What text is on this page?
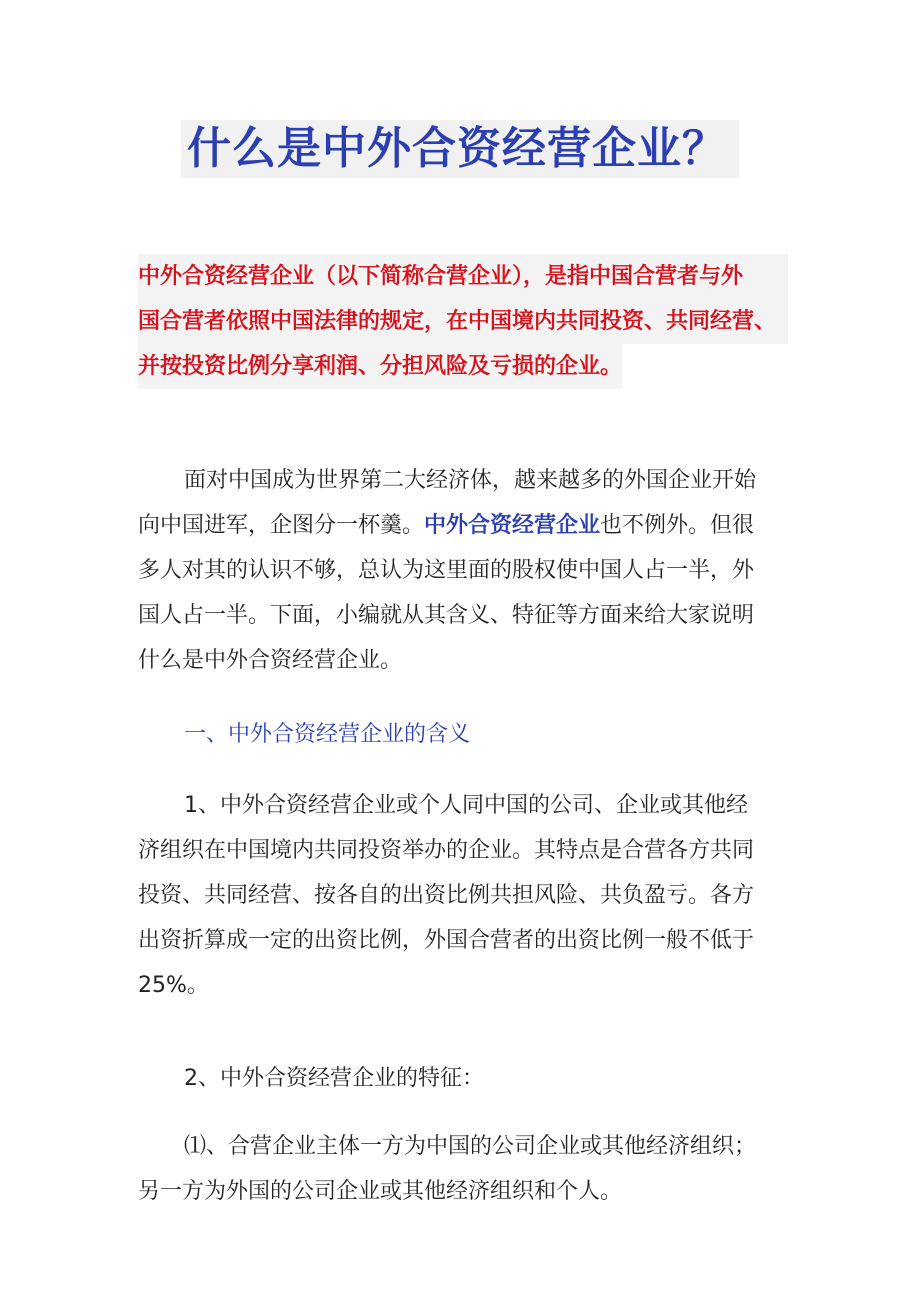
什么是中外合资经营企业？
中外合资经营企业（以下简称合营企业），是指中国合营者与外
国合营者依照中国法律的规定，在中国境内共同投资、共同经营、
并按投资比例分享利润、分担风险及亏损的企业。
面对中国成为世界第二大经济体，越来越多的外国企业开始
向中国进军，企图分一杯羹。中外合资经营企业也不例外。但很
多人对其的认识不够，总认为这里面的股权使中国人占一半，外
国人占一半。下面，小编就从其含义、特征等方面来给大家说明
什么是中外合资经营企业。
一、中外合资经营企业的含义
1、中外合资经营企业或个人同中国的公司、企业或其他经
济组织在中国境内共同投资举办的企业。其特点是合营各方共同
投资、共同经营、按各自的出资比例共担风险、共负盈亏。各方
出资折算成一定的出资比例，外国合营者的出资比例一般不低于
25%。
2、中外合资经营企业的特征：
⑴、合营企业主体一方为中国的公司企业或其他经济组织；
另一方为外国的公司企业或其他经济组织和个人。
